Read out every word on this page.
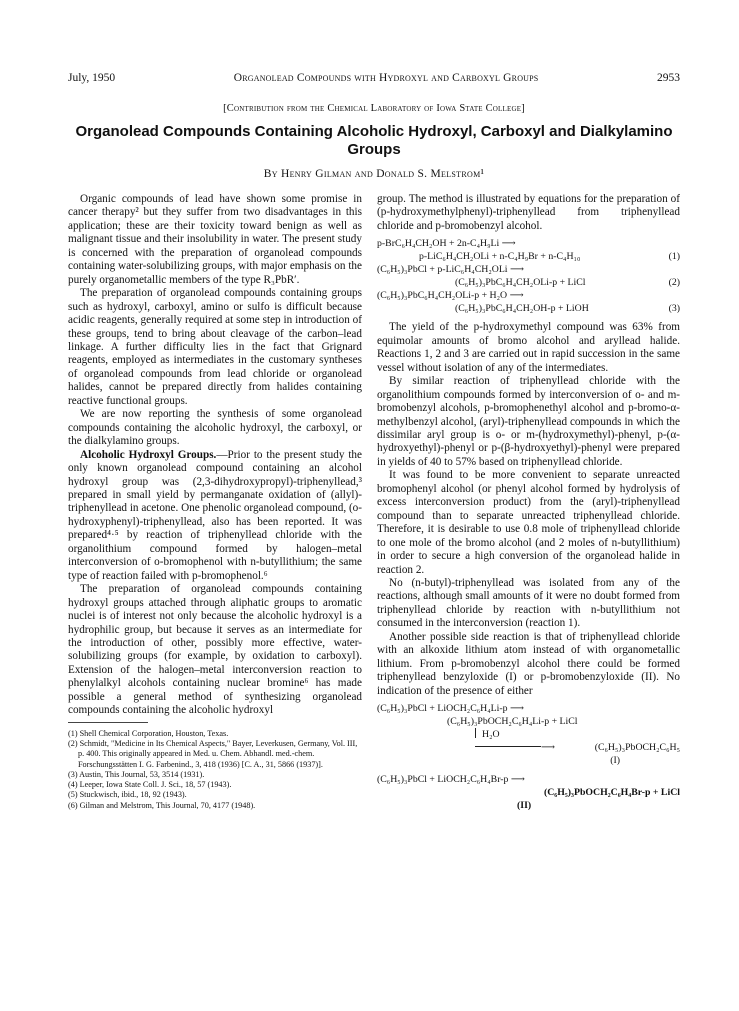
July, 1950	Organolead Compounds with Hydroxyl and Carboxyl Groups	2953
[Contribution from the Chemical Laboratory of Iowa State College]
Organolead Compounds Containing Alcoholic Hydroxyl, Carboxyl and Dialkylamino Groups
By Henry Gilman and Donald S. Melstrom¹

Organic compounds of lead have shown some promise in cancer therapy² but they suffer from two disadvantages in this application; these are their toxicity toward benign as well as malignant tissue and their insolubility in water. The present study is concerned with the preparation of organolead compounds containing water-solubilizing groups, with major emphasis on the purely organometallic members of the type R₃PbR′.

The preparation of organolead compounds containing groups such as hydroxyl, carboxyl, amino or sulfo is difficult because acidic reagents, generally required at some step in introduction of these groups, tend to bring about cleavage of the carbon–lead linkage. A further difficulty lies in the fact that Grignard reagents, employed as intermediates in the customary syntheses of organolead compounds from lead chloride or organolead halides, cannot be prepared directly from halides containing reactive functional groups.

We are now reporting the synthesis of some organolead compounds containing the alcoholic hydroxyl, the carboxyl, or the dialkylamino groups.

Alcoholic Hydroxyl Groups.—Prior to the present study the only known organolead compound containing an alcohol hydroxyl group was (2,3-dihydroxypropyl)-triphenyllead,³ prepared in small yield by permanganate oxidation of (allyl)-triphenyllead in acetone. One phenolic organolead compound, (o-hydroxyphenyl)-triphenyllead, also has been reported. It was prepared⁴·⁵ by reaction of triphenyllead chloride with the organolithium compound formed by halogen–metal interconversion of o-bromophenol with n-butyllithium; the same type of reaction failed with p-bromophenol.⁶

The preparation of organolead compounds containing hydroxyl groups attached through aliphatic groups to aromatic nuclei is of interest not only because the alcoholic hydroxyl is a hydrophilic group, but because it serves as an intermediate for the introduction of other, possibly more effective, water-solubilizing groups (for example, by oxidation to carboxyl). Extension of the halogen–metal interconversion reaction to phenylalkyl alcohols containing nuclear bromine⁶ has made possible a general method of synthesizing organolead compounds containing the alcoholic hydroxyl

(1) Shell Chemical Corporation, Houston, Texas.
(2) Schmidt, "Medicine in Its Chemical Aspects," Bayer, Leverkusen, Germany, Vol. III, p. 400. This originally appeared in Med. u. Chem. Abhandl. med.-chem. Forschungsstätten I. G. Farbenind., 3, 418 (1936) [C. A., 31, 5866 (1937)].
(3) Austin, This Journal, 53, 3514 (1931).
(4) Leeper, Iowa State Coll. J. Sci., 18, 57 (1943).
(5) Stuckwisch, ibid., 18, 92 (1943).
(6) Gilman and Melstrom, This Journal, 70, 4177 (1948).

group. The method is illustrated by equations for the preparation of (p-hydroxymethylphenyl)-triphenyllead from triphenyllead chloride and p-bromobenzyl alcohol.

p-BrC₆H₄CH₂OH + 2n-C₄H₉Li ⟶
p-LiC₆H₄CH₂OLi + n-C₄H₉Br + n-C₄H₁₀	(1)
(C₆H₅)₃PbCl + p-LiC₆H₄CH₂OLi ⟶
(C₆H₅)₃PbC₆H₄CH₂OLi-p + LiCl	(2)
(C₆H₅)₃PbC₆H₄CH₂OLi-p + H₂O ⟶
(C₆H₅)₃PbC₆H₄CH₂OH-p + LiOH	(3)

The yield of the p-hydroxymethyl compound was 63% from equimolar amounts of bromo alcohol and aryllead halide. Reactions 1, 2 and 3 are carried out in rapid succession in the same vessel without isolation of any of the intermediates.

By similar reaction of triphenyllead chloride with the organolithium compounds formed by interconversion of o- and m-bromobenzyl alcohols, p-bromophenethyl alcohol and p-bromo-α-methylbenzyl alcohol, (aryl)-triphenyllead compounds in which the dissimilar aryl group is o- or m-(hydroxymethyl)-phenyl, p-(α-hydroxyethyl)-phenyl or p-(β-hydroxyethyl)-phenyl were prepared in yields of 40 to 57% based on triphenyllead chloride.

It was found to be more convenient to separate unreacted bromophenyl alcohol (or phenyl alcohol formed by hydrolysis of excess interconversion product) from the (aryl)-triphenyllead compound than to separate unreacted triphenyllead chloride. Therefore, it is desirable to use 0.8 mole of triphenyllead chloride to one mole of the bromo alcohol (and 2 moles of n-butyllithium) in order to secure a high conversion of the organolead halide in reaction 2.

No (n-butyl)-triphenyllead was isolated from any of the reactions, although small amounts of it were no doubt formed from triphenyllead chloride by reaction with n-butyllithium not consumed in the interconversion (reaction 1).

Another possible side reaction is that of triphenyllead chloride with an alkoxide lithium atom instead of with organometallic lithium. From p-bromobenzyl alcohol there could be formed triphenyllead benzyloxide (I) or p-bromobenzyloxide (II). No indication of the presence of either

(C₆H₅)₃PbCl + LiOCH₂C₆H₄Li-p ⟶
(C₆H₅)₃PbOCH₂C₆H₄Li-p + LiCl
H₂O
⟶	(C₆H₅)₃PbOCH₂C₆H₅
(I)
(C₆H₅)₃PbCl + LiOCH₂C₆H₄Br-p ⟶
(C₆H₅)₃PbOCH₂C₆H₄Br-p + LiCl
(II)
